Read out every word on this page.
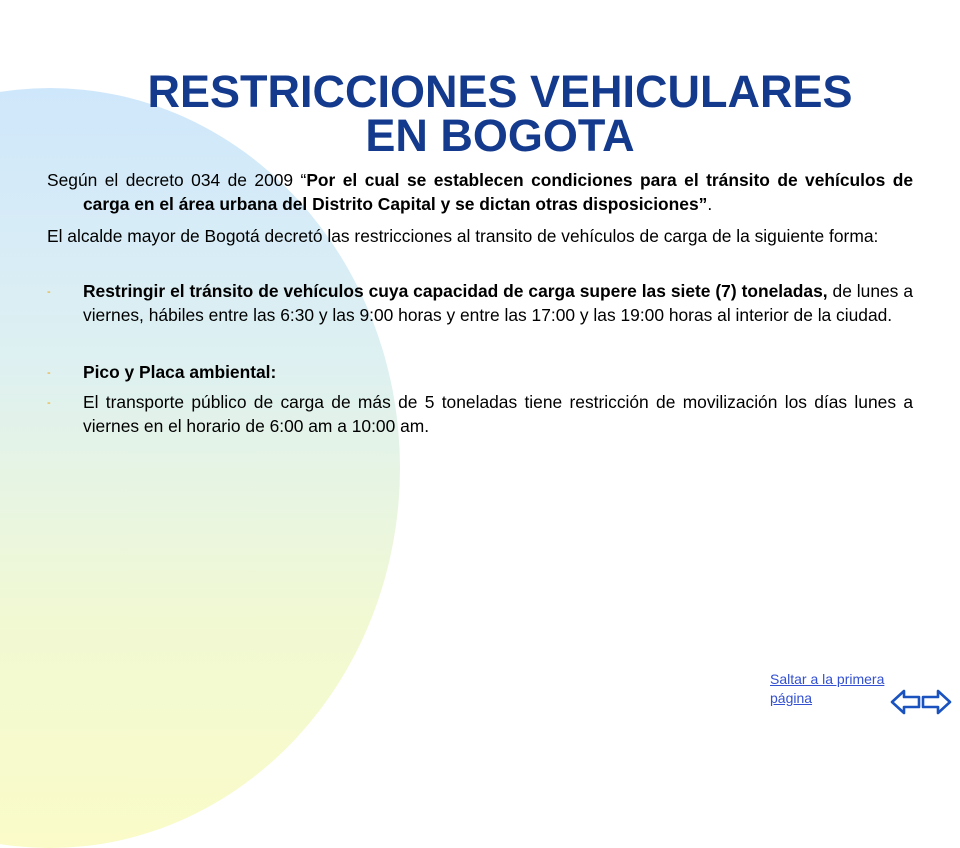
RESTRICCIONES VEHICULARES
EN BOGOTA

Según el decreto 034 de 2009 “Por el cual se establecen condiciones para el tránsito de vehículos de carga en el área urbana del Distrito Capital y se dictan otras disposiciones”.

El alcalde mayor de Bogotá decretó las restricciones al transito de vehículos de carga de la siguiente forma:

- Restringir el tránsito de vehículos cuya capacidad de carga supere las siete (7) toneladas, de lunes a viernes, hábiles entre las 6:30 y las 9:00 horas y entre las 17:00 y las 19:00 horas al interior de la ciudad.

- Pico y Placa ambiental:

- El transporte público de carga de más de 5 toneladas tiene restricción de movilización los días lunes a viernes en el horario de 6:00 am a 10:00 am.

Saltar a la primera página
